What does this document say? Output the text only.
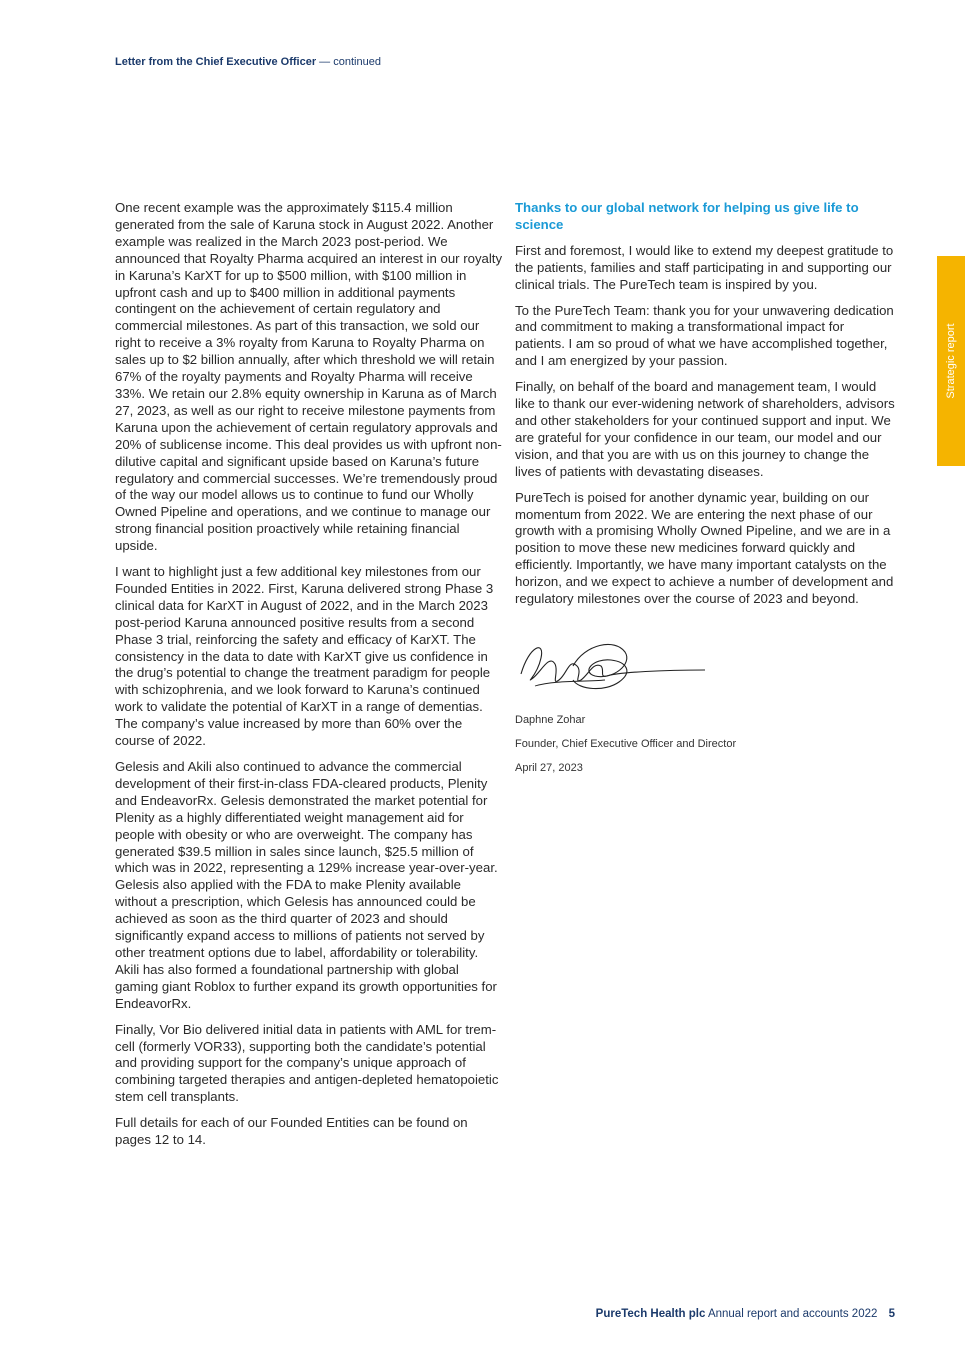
Letter from the Chief Executive Officer — continued

One recent example was the approximately $115.4 million generated from the sale of Karuna stock in August 2022. Another example was realized in the March 2023 post-period. We announced that Royalty Pharma acquired an interest in our royalty in Karuna’s KarXT for up to $500 million, with $100 million in upfront cash and up to $400 million in additional payments contingent on the achievement of certain regulatory and commercial milestones. As part of this transaction, we sold our right to receive a 3% royalty from Karuna to Royalty Pharma on sales up to $2 billion annually, after which threshold we will retain 67% of the royalty payments and Royalty Pharma will receive 33%. We retain our 2.8% equity ownership in Karuna as of March 27, 2023, as well as our right to receive milestone payments from Karuna upon the achievement of certain regulatory approvals and 20% of sublicense income. This deal provides us with upfront non-dilutive capital and significant upside based on Karuna’s future regulatory and commercial successes. We’re tremendously proud of the way our model allows us to continue to fund our Wholly Owned Pipeline and operations, and we continue to manage our strong financial position proactively while retaining financial upside.

I want to highlight just a few additional key milestones from our Founded Entities in 2022. First, Karuna delivered strong Phase 3 clinical data for KarXT in August of 2022, and in the March 2023 post-period Karuna announced positive results from a second Phase 3 trial, reinforcing the safety and efficacy of KarXT. The consistency in the data to date with KarXT give us confidence in the drug’s potential to change the treatment paradigm for people with schizophrenia, and we look forward to Karuna’s continued work to validate the potential of KarXT in a range of dementias. The company’s value increased by more than 60% over the course of 2022.

Gelesis and Akili also continued to advance the commercial development of their first-in-class FDA-cleared products, Plenity and EndeavorRx. Gelesis demonstrated the market potential for Plenity as a highly differentiated weight management aid for people with obesity or who are overweight. The company has generated $39.5 million in sales since launch, $25.5 million of which was in 2022, representing a 129% increase year-over-year. Gelesis also applied with the FDA to make Plenity available without a prescription, which Gelesis has announced could be achieved as soon as the third quarter of 2023 and should significantly expand access to millions of patients not served by other treatment options due to label, affordability or tolerability. Akili has also formed a foundational partnership with global gaming giant Roblox to further expand its growth opportunities for EndeavorRx.

Finally, Vor Bio delivered initial data in patients with AML for trem-cell (formerly VOR33), supporting both the candidate’s potential and providing support for the company’s unique approach of combining targeted therapies and antigen-depleted hematopoietic stem cell transplants.

Full details for each of our Founded Entities can be found on pages 12 to 14.

Thanks to our global network for helping us give life to science

First and foremost, I would like to extend my deepest gratitude to the patients, families and staff participating in and supporting our clinical trials. The PureTech team is inspired by you.

To the PureTech Team: thank you for your unwavering dedication and commitment to making a transformational impact for patients. I am so proud of what we have accomplished together, and I am energized by your passion.

Finally, on behalf of the board and management team, I would like to thank our ever-widening network of shareholders, advisors and other stakeholders for your continued support and input. We are grateful for your confidence in our team, our model and our vision, and that you are with us on this journey to change the lives of patients with devastating diseases.

PureTech is poised for another dynamic year, building on our momentum from 2022. We are entering the next phase of our growth with a promising Wholly Owned Pipeline, and we are in a position to move these new medicines forward quickly and efficiently. Importantly, we have many important catalysts on the horizon, and we expect to achieve a number of development and regulatory milestones over the course of 2023 and beyond.

Daphne Zohar

Founder, Chief Executive Officer and Director

April 27, 2023

Strategic report
PureTech Health plc Annual report and accounts 2022 5
